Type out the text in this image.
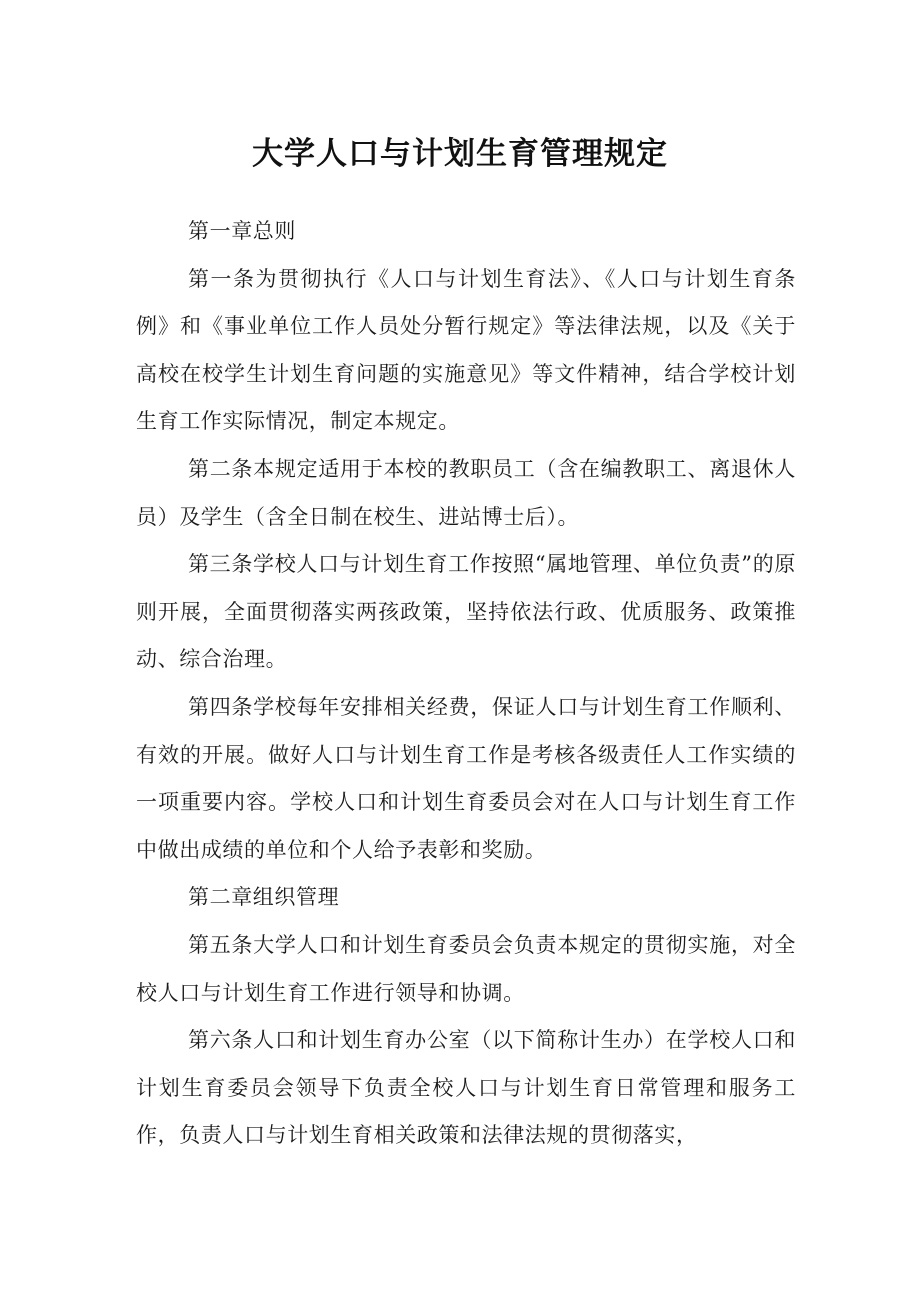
大学人口与计划生育管理规定

第一章总则

第一条为贯彻执行《人口与计划生育法》、《人口与计划生育条例》和《事业单位工作人员处分暂行规定》等法律法规，以及《关于高校在校学生计划生育问题的实施意见》等文件精神，结合学校计划生育工作实际情况，制定本规定。

第二条本规定适用于本校的教职员工（含在编教职工、离退休人员）及学生（含全日制在校生、进站博士后）。

第三条学校人口与计划生育工作按照“属地管理、单位负责”的原则开展，全面贯彻落实两孩政策，坚持依法行政、优质服务、政策推动、综合治理。

第四条学校每年安排相关经费，保证人口与计划生育工作顺利、有效的开展。做好人口与计划生育工作是考核各级责任人工作实绩的一项重要内容。学校人口和计划生育委员会对在人口与计划生育工作中做出成绩的单位和个人给予表彰和奖励。

第二章组织管理

第五条大学人口和计划生育委员会负责本规定的贯彻实施，对全校人口与计划生育工作进行领导和协调。

第六条人口和计划生育办公室（以下简称计生办）在学校人口和计划生育委员会领导下负责全校人口与计划生育日常管理和服务工作，负责人口与计划生育相关政策和法律法规的贯彻落实，
